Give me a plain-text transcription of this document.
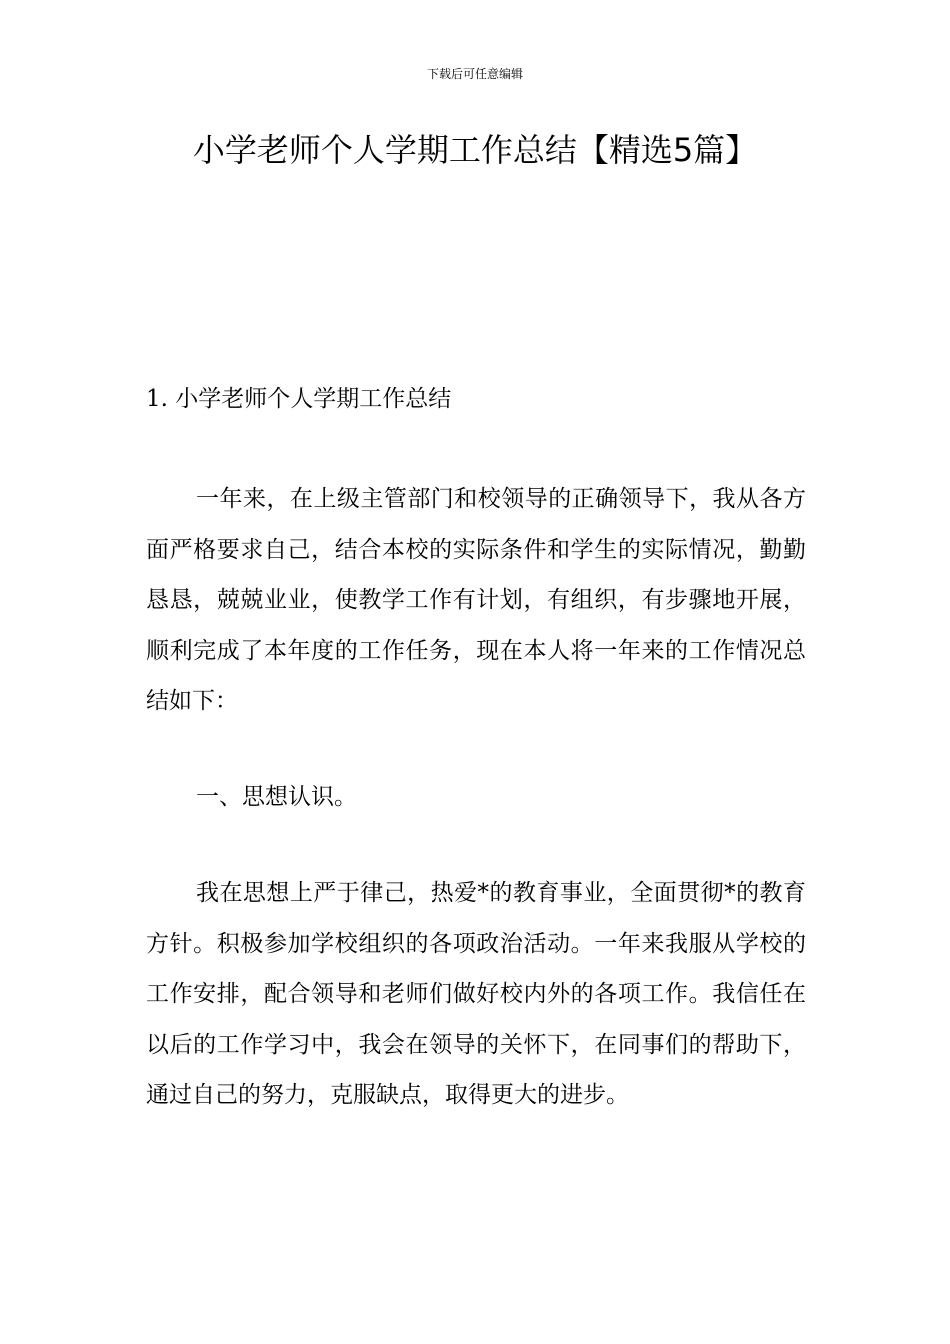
下载后可任意编辑
小学老师个人学期工作总结【精选5篇】
1. 小学老师个人学期工作总结

一年来，在上级主管部门和校领导的正确领导下，我从各方面严格要求自己，结合本校的实际条件和学生的实际情况，勤勤恳恳，兢兢业业，使教学工作有计划，有组织，有步骤地开展，顺利完成了本年度的工作任务，现在本人将一年来的工作情况总结如下：

一、思想认识。

我在思想上严于律己，热爱*的教育事业，全面贯彻*的教育方针。积极参加学校组织的各项政治活动。一年来我服从学校的工作安排，配合领导和老师们做好校内外的各项工作。我信任在以后的工作学习中，我会在领导的关怀下，在同事们的帮助下，通过自己的努力，克服缺点，取得更大的进步。
